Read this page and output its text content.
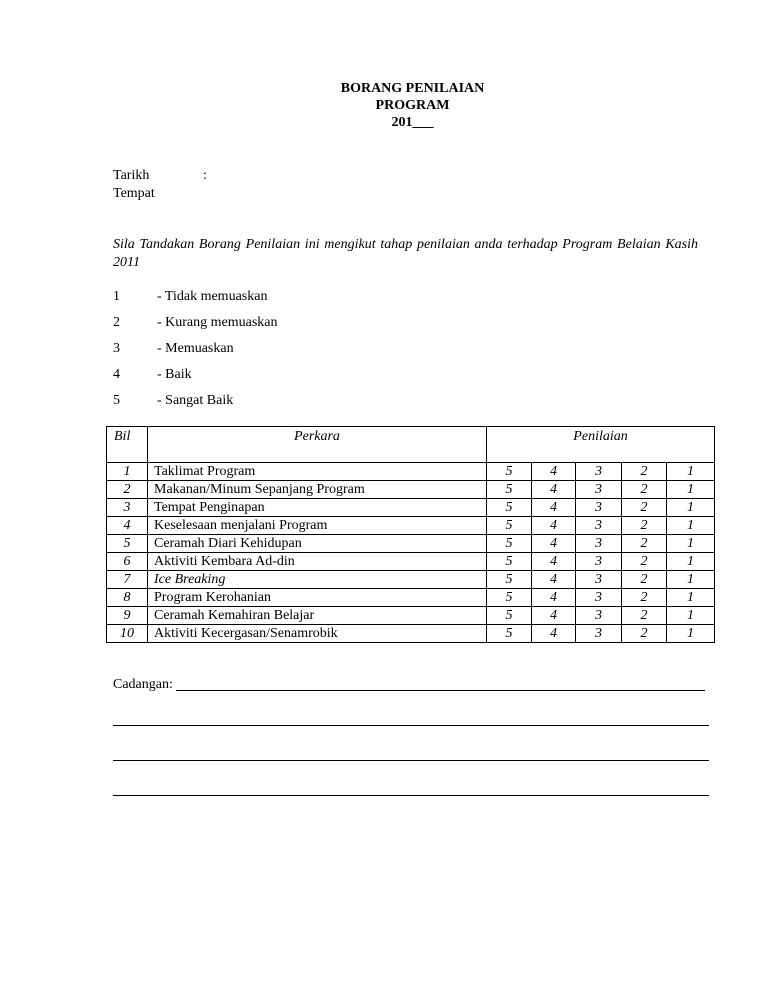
BORANG PENILAIAN
PROGRAM
201___
Tarikh	:
Tempat
Sila Tandakan Borang Penilaian ini mengikut tahap penilaian anda terhadap Program Belaian Kasih 2011
1	- Tidak memuaskan
2	- Kurang memuaskan
3	- Memuaskan
4	- Baik
5	- Sangat Baik
Bil	Perkara	Penilaian				
1	Taklimat Program	5	4	3	2	1
2	Makanan/Minum Sepanjang Program	5	4	3	2	1
3	Tempat Penginapan	5	4	3	2	1
4	Keselesaan menjalani Program	5	4	3	2	1
5	Ceramah Diari Kehidupan	5	4	3	2	1
6	Aktiviti Kembara Ad-din	5	4	3	2	1
7	Ice Breaking	5	4	3	2	1
8	Program Kerohanian	5	4	3	2	1
9	Ceramah Kemahiran Belajar	5	4	3	2	1
10	Aktiviti Kecergasan/Senamrobik	5	4	3	2	1
Cadangan:
